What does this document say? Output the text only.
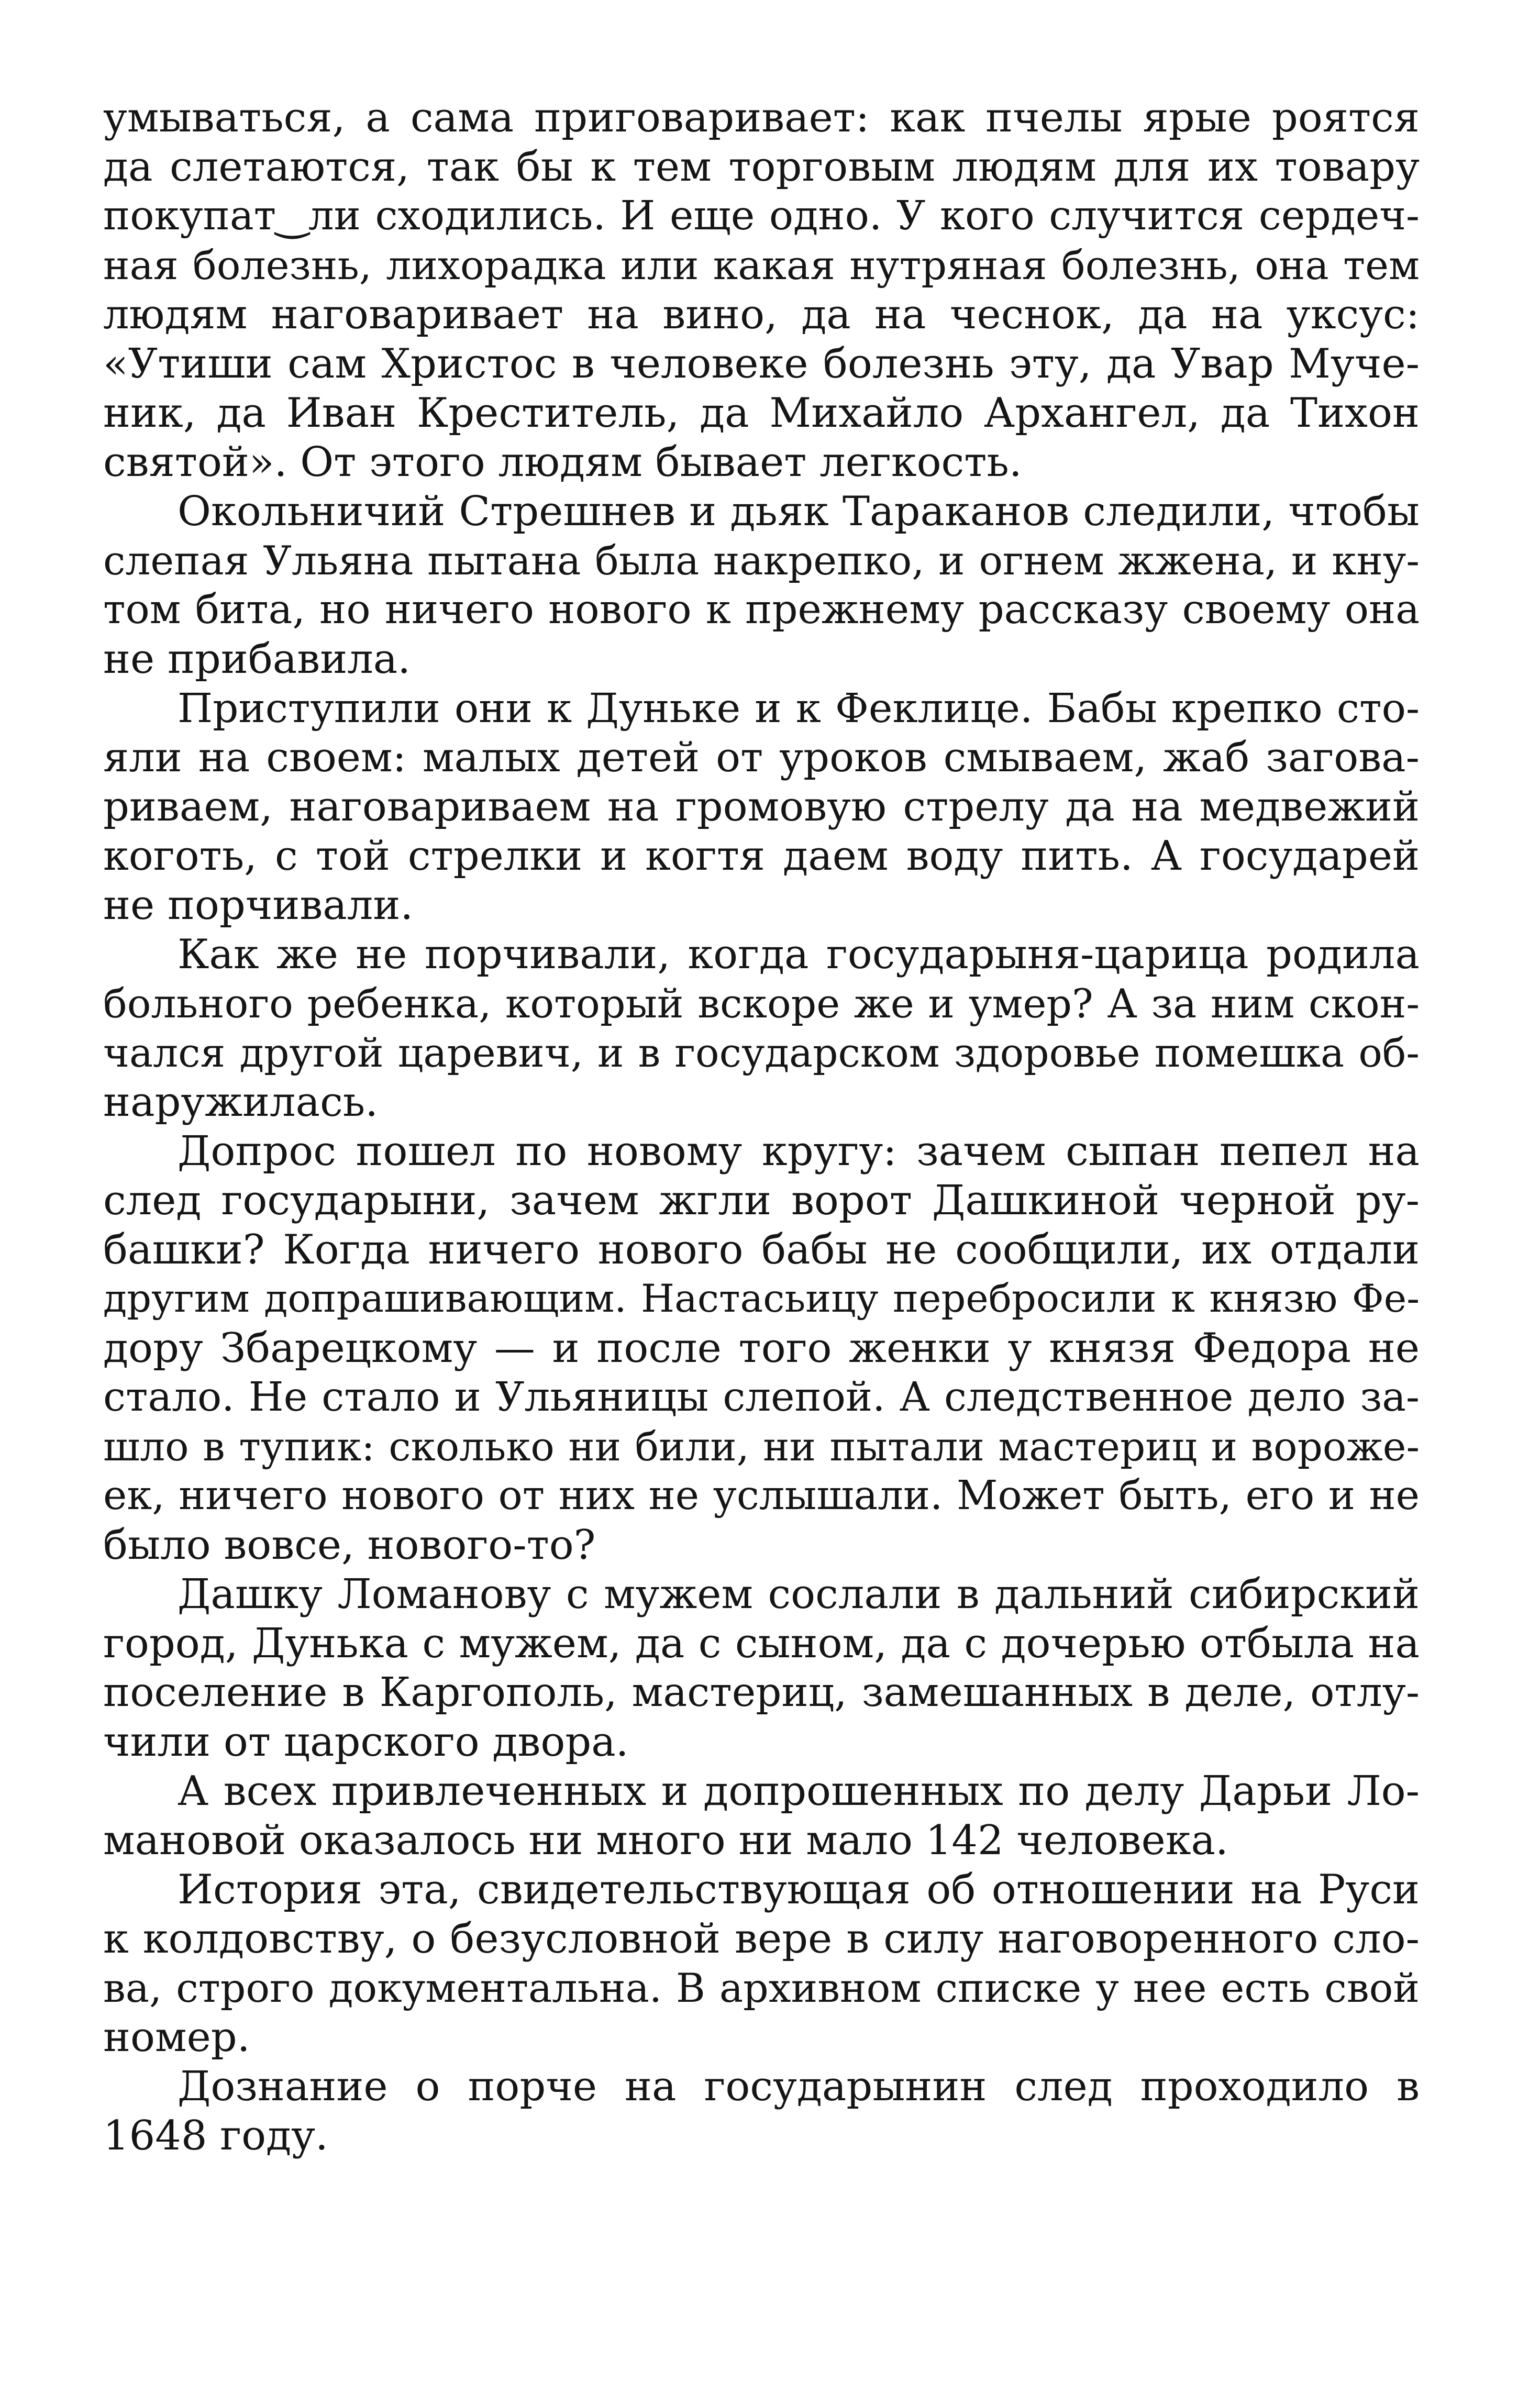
умываться, а сама приговаривает: как пчелы ярые роятся
да слетаются, так бы к тем торговым людям для их товару
покупат‿ли сходились. И еще одно. У кого случится сердеч-
ная болезнь, лихорадка или какая нутряная болезнь, она тем
людям наговаривает на вино, да на чеснок, да на уксус:
«Утиши сам Христос в человеке болезнь эту, да Увар Муче-
ник, да Иван Креститель, да Михайло Архангел, да Тихон
святой». От этого людям бывает легкость.
Окольничий Стрешнев и дьяк Тараканов следили, чтобы
слепая Ульяна пытана была накрепко, и огнем жжена, и кну-
том бита, но ничего нового к прежнему рассказу своему она
не прибавила.
Приступили они к Дуньке и к Феклице. Бабы крепко сто-
яли на своем: малых детей от уроков смываем, жаб загова-
риваем, наговариваем на громовую стрелу да на медвежий
коготь, с той стрелки и когтя даем воду пить. А государей
не порчивали.
Как же не порчивали, когда государыня-царица родила
больного ребенка, который вскоре же и умер? А за ним скон-
чался другой царевич, и в государском здоровье помешка об-
наружилась.
Допрос пошел по новому кругу: зачем сыпан пепел на
след государыни, зачем жгли ворот Дашкиной черной ру-
башки? Когда ничего нового бабы не сообщили, их отдали
другим допрашивающим. Настасьицу перебросили к князю Фе-
дору Збарецкому — и после того женки у князя Федора не
стало. Не стало и Ульяницы слепой. А следственное дело за-
шло в тупик: сколько ни били, ни пытали мастериц и вороже-
ек, ничего нового от них не услышали. Может быть, его и не
было вовсе, нового-то?
Дашку Ломанову с мужем сослали в дальний сибирский
город, Дунька с мужем, да с сыном, да с дочерью отбыла на
поселение в Каргополь, мастериц, замешанных в деле, отлу-
чили от царского двора.
А всех привлеченных и допрошенных по делу Дарьи Ло-
мановой оказалось ни много ни мало 142 человека.
История эта, свидетельствующая об отношении на Руси
к колдовству, о безусловной вере в силу наговоренного сло-
ва, строго документальна. В архивном списке у нее есть свой
номер.
Дознание о порче на государынин след проходило в
1648 году.
